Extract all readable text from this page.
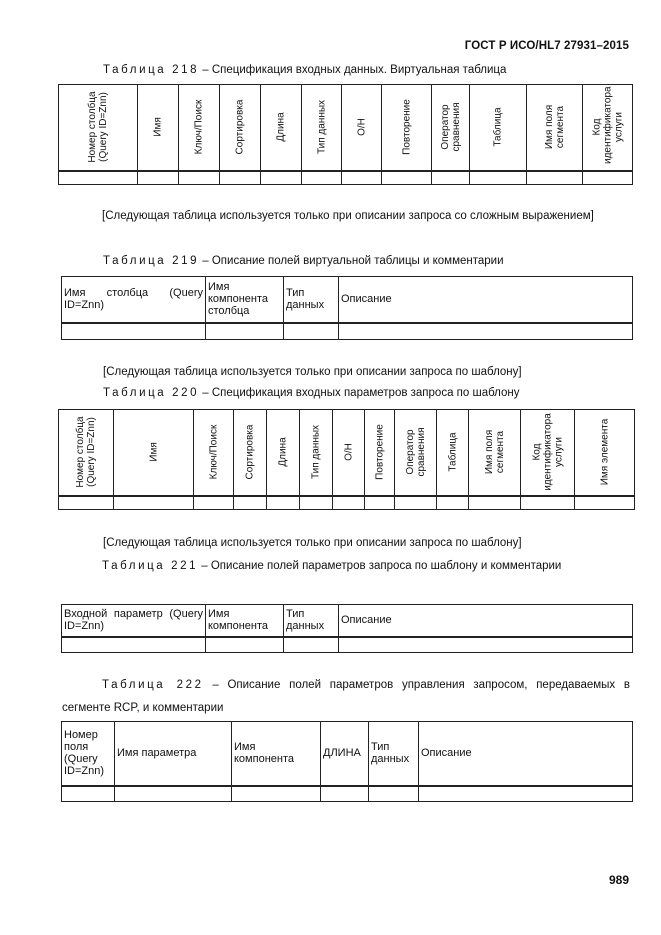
ГОСТ Р ИСО/HL7 27931–2015
Таблица 218 – Спецификация входных данных. Виртуальная таблица
Номер столбца (Query ID=Znn)	Имя	Ключ/Поиск	Сортировка	Длина	Тип данных	О/Н	Повторение	Оператор сравнения	Таблица	Имя поля сегмента	Код идентификатора услуги

[Следующая таблица используется только при описании запроса со сложным выражением]
Таблица 219 – Описание полей виртуальной таблицы и комментарии
Имя столбца (Query ID=Znn)	Имя компонента столбца	Тип данных	Описание

[Следующая таблица используется только при описании запроса по шаблону]
Таблица 220 – Спецификация входных параметров запроса по шаблону
Номер столбца (Query ID=Znn)	Имя	Ключ/Поиск	Сортировка	Длина	Тип данных	О/Н	Повторение	Оператор сравнения	Таблица	Имя поля сегмента	Код идентификатора услуги	Имя элемента

[Следующая таблица используется только при описании запроса по шаблону]
Таблица 221 – Описание полей параметров запроса по шаблону и комментарии
Входной параметр (Query ID=Znn)	Имя компонента	Тип данных	Описание

Таблица 222 – Описание полей параметров управления запросом, передаваемых в сегменте RCP, и комментарии
Номер поля (Query ID=Znn)	Имя параметра	Имя компонента	ДЛИНА	Тип данных	Описание

989
